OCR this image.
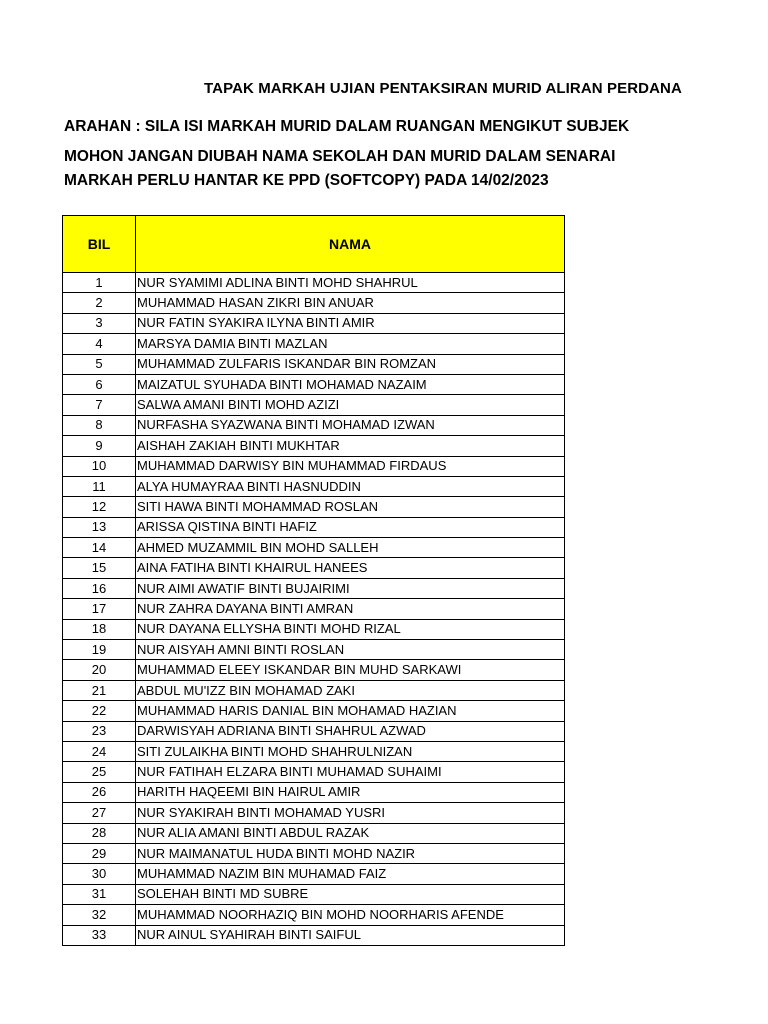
TAPAK MARKAH UJIAN PENTAKSIRAN MURID ALIRAN PERDANA
ARAHAN : SILA ISI MARKAH MURID DALAM RUANGAN MENGIKUT SUBJEK
MOHON JANGAN DIUBAH NAMA SEKOLAH DAN MURID DALAM SENARAI
MARKAH PERLU HANTAR KE PPD (SOFTCOPY) PADA 14/02/2023
BIL	NAMA
1	NUR SYAMIMI ADLINA BINTI MOHD SHAHRUL
2	MUHAMMAD HASAN ZIKRI BIN ANUAR
3	NUR FATIN SYAKIRA ILYNA BINTI AMIR
4	MARSYA DAMIA BINTI MAZLAN
5	MUHAMMAD ZULFARIS ISKANDAR BIN ROMZAN
6	MAIZATUL SYUHADA BINTI MOHAMAD NAZAIM
7	SALWA AMANI BINTI MOHD AZIZI
8	NURFASHA SYAZWANA BINTI MOHAMAD IZWAN
9	AISHAH ZAKIAH BINTI MUKHTAR
10	MUHAMMAD DARWISY BIN MUHAMMAD FIRDAUS
11	ALYA HUMAYRAA BINTI HASNUDDIN
12	SITI HAWA BINTI MOHAMMAD ROSLAN
13	ARISSA QISTINA BINTI HAFIZ
14	AHMED MUZAMMIL BIN MOHD SALLEH
15	AINA FATIHA BINTI KHAIRUL HANEES
16	NUR AIMI AWATIF BINTI BUJAIRIMI
17	NUR ZAHRA DAYANA BINTI AMRAN
18	NUR DAYANA ELLYSHA BINTI MOHD RIZAL
19	NUR AISYAH AMNI BINTI ROSLAN
20	MUHAMMAD ELEEY ISKANDAR BIN MUHD SARKAWI
21	ABDUL MU'IZZ BIN MOHAMAD ZAKI
22	MUHAMMAD HARIS DANIAL BIN MOHAMAD HAZIAN
23	DARWISYAH ADRIANA BINTI SHAHRUL AZWAD
24	SITI ZULAIKHA BINTI MOHD SHAHRULNIZAN
25	NUR FATIHAH ELZARA BINTI MUHAMAD SUHAIMI
26	HARITH HAQEEMI BIN HAIRUL AMIR
27	NUR SYAKIRAH BINTI MOHAMAD YUSRI
28	NUR ALIA AMANI BINTI ABDUL RAZAK
29	NUR MAIMANATUL HUDA BINTI MOHD NAZIR
30	MUHAMMAD NAZIM BIN MUHAMAD FAIZ
31	SOLEHAH BINTI MD SUBRE
32	MUHAMMAD NOORHAZIQ BIN MOHD NOORHARIS AFENDE
33	NUR AINUL SYAHIRAH BINTI SAIFUL
